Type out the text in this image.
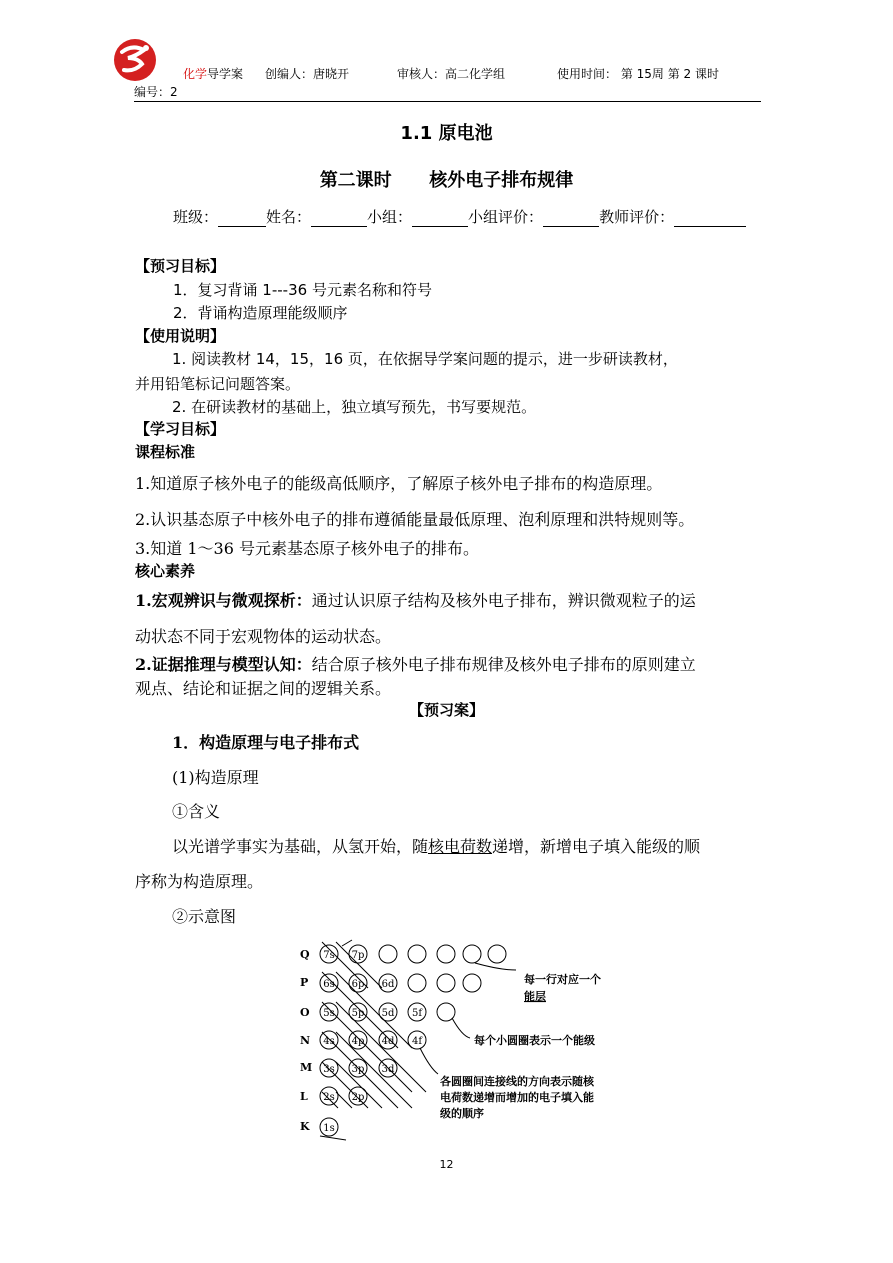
化学导学案 创编人：唐晓开	审核人：高二化学组	使用时间： 第 15周 第 2 课时
编号：2
1.1 原电池
第二课时      核外电子排布规律
班级：	姓名：	小组：	小组评价：	教师评价：
【预习目标】
1．复习背诵 1---36 号元素名称和符号
2．背诵构造原理能级顺序
【使用说明】
1. 阅读教材 14，15，16 页，在依据导学案问题的提示，进一步研读教材，
并用铅笔标记问题答案。
2. 在研读教材的基础上，独立填写预先，书写要规范。
【学习目标】
课程标准
1.知道原子核外电子的能级高低顺序，了解原子核外电子排布的构造原理。
2.认识基态原子中核外电子的排布遵循能量最低原理、泡利原理和洪特规则等。
3.知道 1～36 号元素基态原子核外电子的排布。
核心素养
1.宏观辨识与微观探析：通过认识原子结构及核外电子排布，辨识微观粒子的运
动状态不同于宏观物体的运动状态。
2.证据推理与模型认知：结合原子核外电子排布规律及核外电子排布的原则建立
观点、结论和证据之间的逻辑关系。
【预习案】
1．构造原理与电子排布式
(1)构造原理
①含义
以光谱学事实为基础，从氢开始，随核电荷数递增，新增电子填入能级的顺
序称为构造原理。
②示意图
Q
P
O
N
M
L
K
7s 7p
6s 6p 6d
5s 5p 5d 5f
4s 4p 4d 4f
3s 3p 3d
2s 2p
1s
每一行对应一个
能层
每个小圆圈表示一个能级
各圆圈间连接线的方向表示随核
电荷数递增而增加的电子填入能
级的顺序
12
